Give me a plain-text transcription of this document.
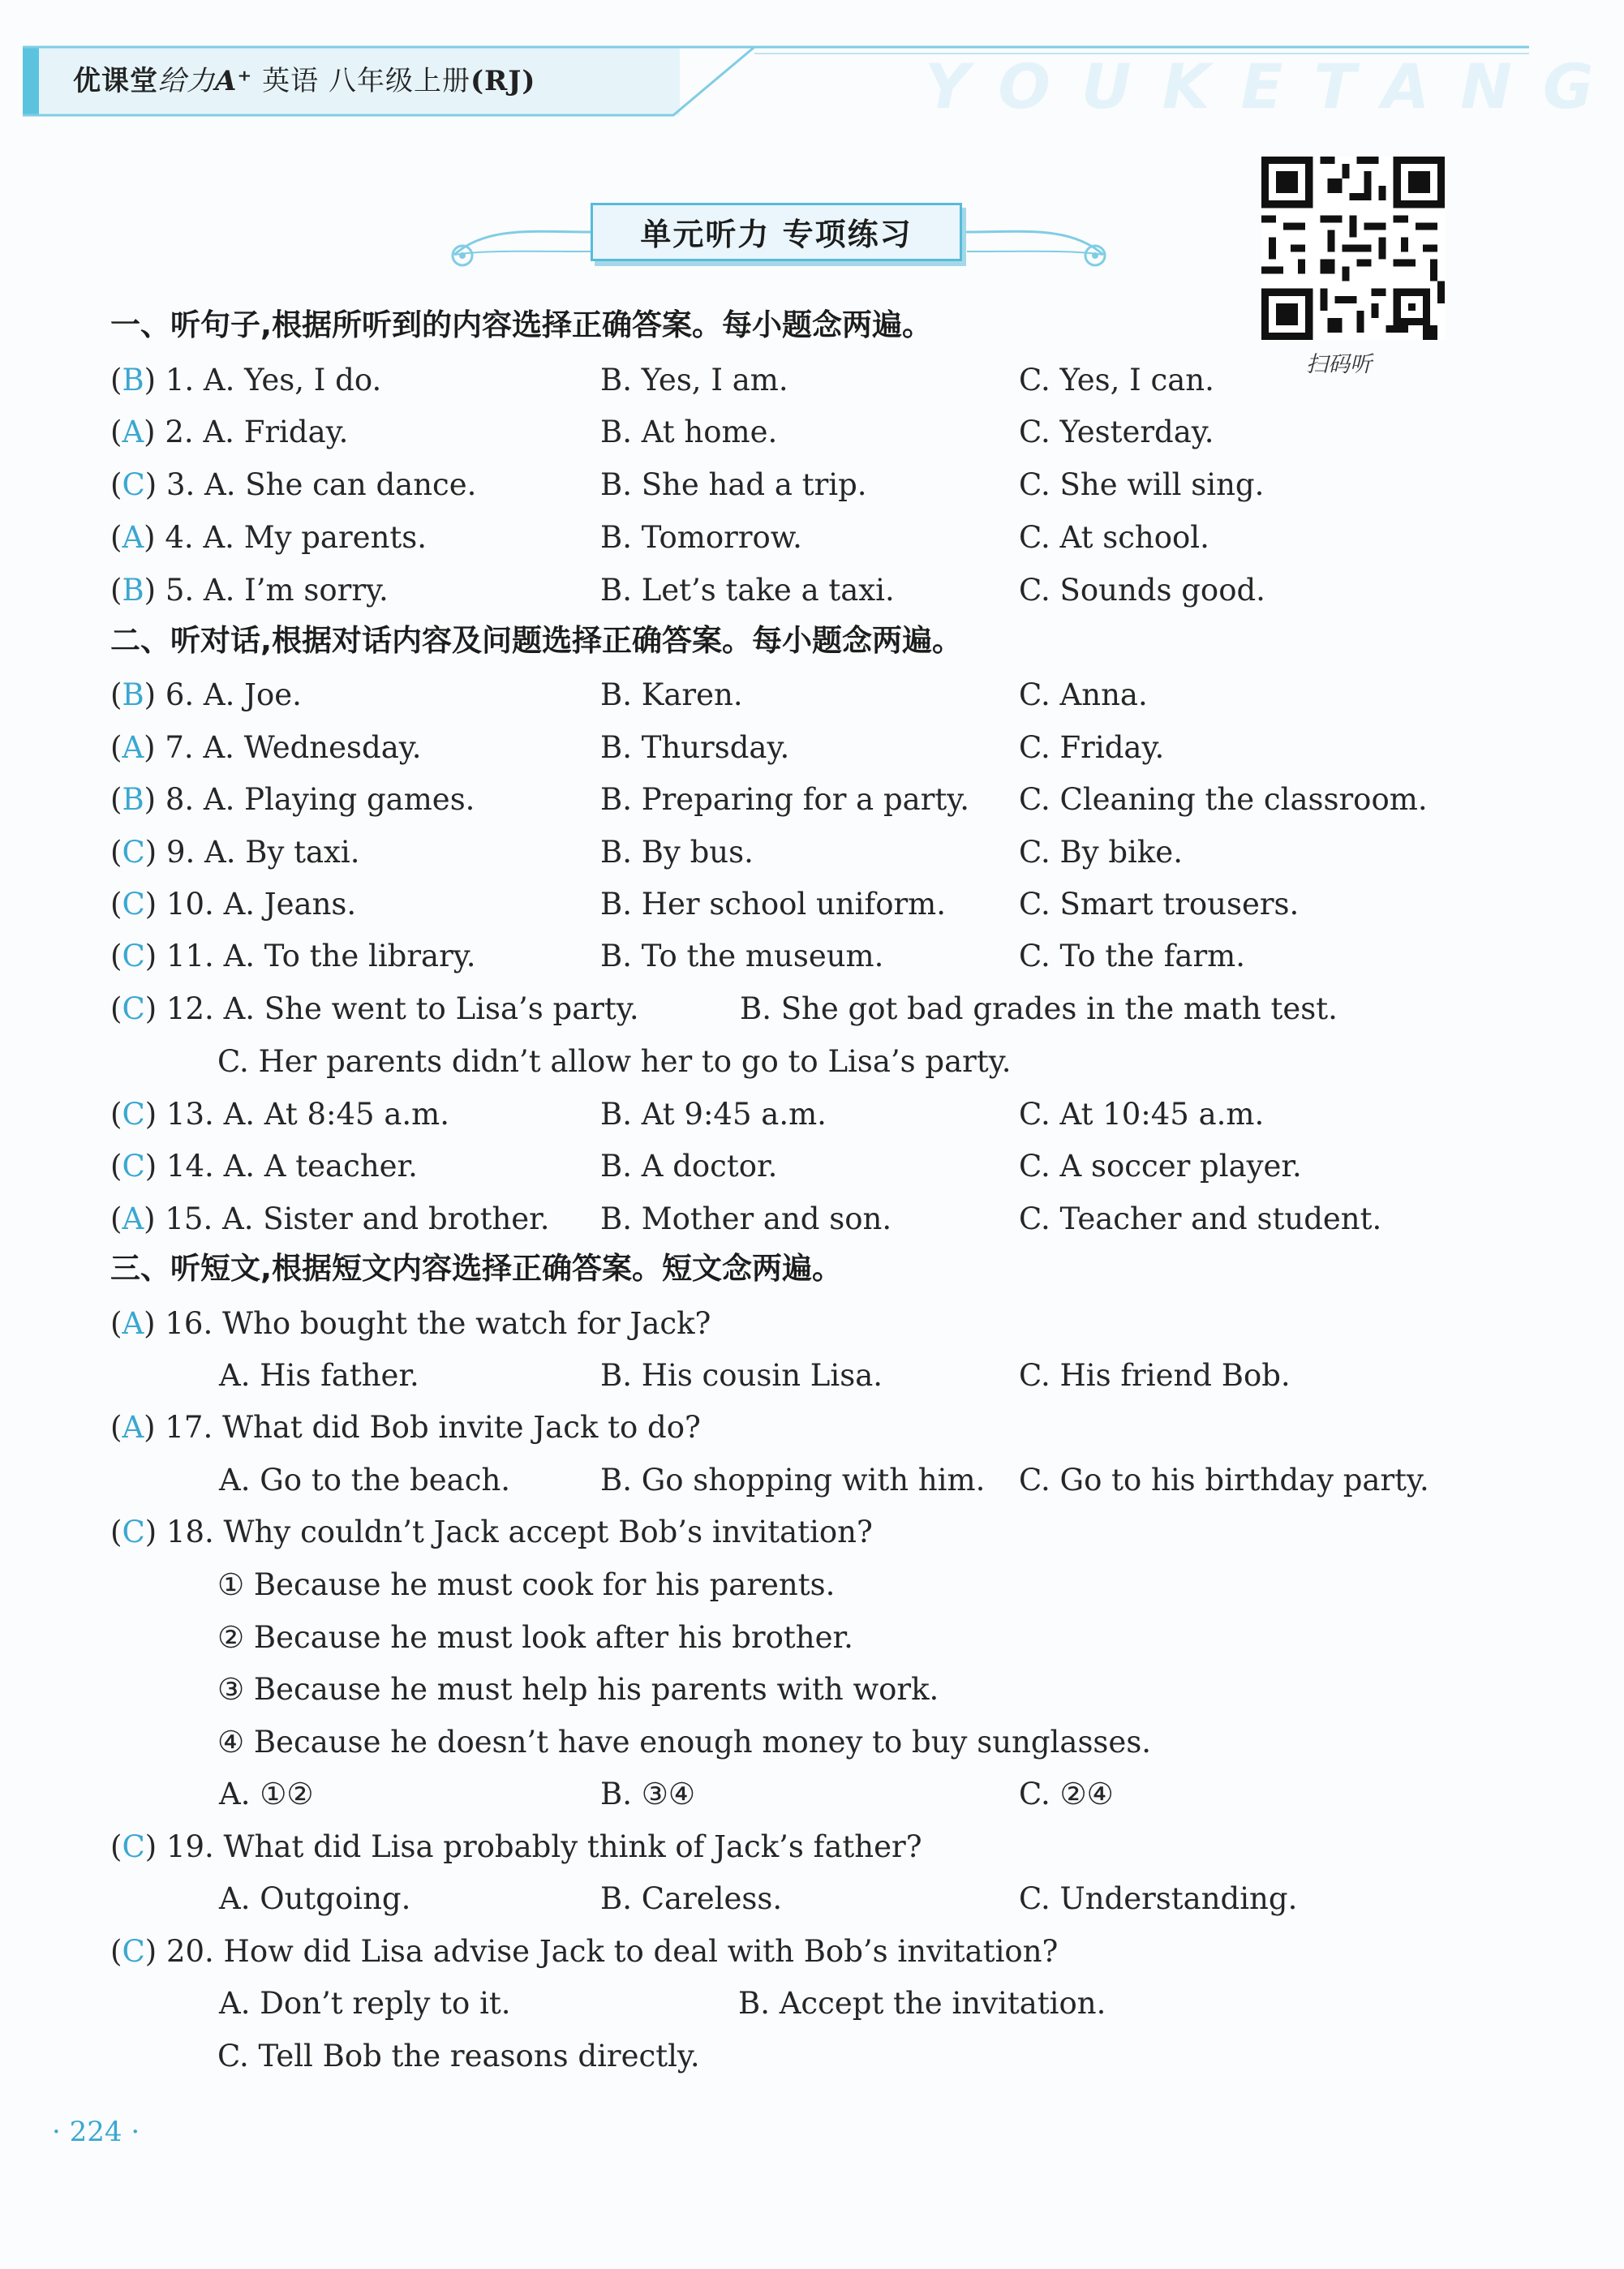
YOUKETANG
优课堂给力A⁺ 英语 八年级上册(RJ)
单元听力 专项练习
扫码听
一、听句子,根据所听到的内容选择正确答案。每小题念两遍。
(B) 1. A. Yes, I do.	B. Yes, I am.	C. Yes, I can.
(A) 2. A. Friday.	B. At home.	C. Yesterday.
(C) 3. A. She can dance.	B. She had a trip.	C. She will sing.
(A) 4. A. My parents.	B. Tomorrow.	C. At school.
(B) 5. A. I’m sorry.	B. Let’s take a taxi.	C. Sounds good.
二、听对话,根据对话内容及问题选择正确答案。每小题念两遍。
(B) 6. A. Joe.	B. Karen.	C. Anna.
(A) 7. A. Wednesday.	B. Thursday.	C. Friday.
(B) 8. A. Playing games.	B. Preparing for a party. C. Cleaning the classroom.
(C) 9. A. By taxi.	B. By bus.	C. By bike.
(C) 10. A. Jeans.	B. Her school uniform. C. Smart trousers.
(C) 11. A. To the library.	B. To the museum.	C. To the farm.
(C) 12. A. She went to Lisa’s party.	B. She got bad grades in the math test.
C. Her parents didn’t allow her to go to Lisa’s party.
(C) 13. A. At 8:45 a.m.	B. At 9:45 a.m.	C. At 10:45 a.m.
(C) 14. A. A teacher.	B. A doctor.	C. A soccer player.
(A) 15. A. Sister and brother. B. Mother and son.	C. Teacher and student.
三、听短文,根据短文内容选择正确答案。短文念两遍。
(A) 16. Who bought the watch for Jack?
A. His father.	B. His cousin Lisa.	C. His friend Bob.
(A) 17. What did Bob invite Jack to do?
A. Go to the beach.	B. Go shopping with him. C. Go to his birthday party.
(C) 18. Why couldn’t Jack accept Bob’s invitation?
① Because he must cook for his parents.
② Because he must look after his brother.
③ Because he must help his parents with work.
④ Because he doesn’t have enough money to buy sunglasses.
A. ①②	B. ③④	C. ②④
(C) 19. What did Lisa probably think of Jack’s father?
A. Outgoing.	B. Careless.	C. Understanding.
(C) 20. How did Lisa advise Jack to deal with Bob’s invitation?
A. Don’t reply to it.	B. Accept the invitation.
C. Tell Bob the reasons directly.
· 224 ·
